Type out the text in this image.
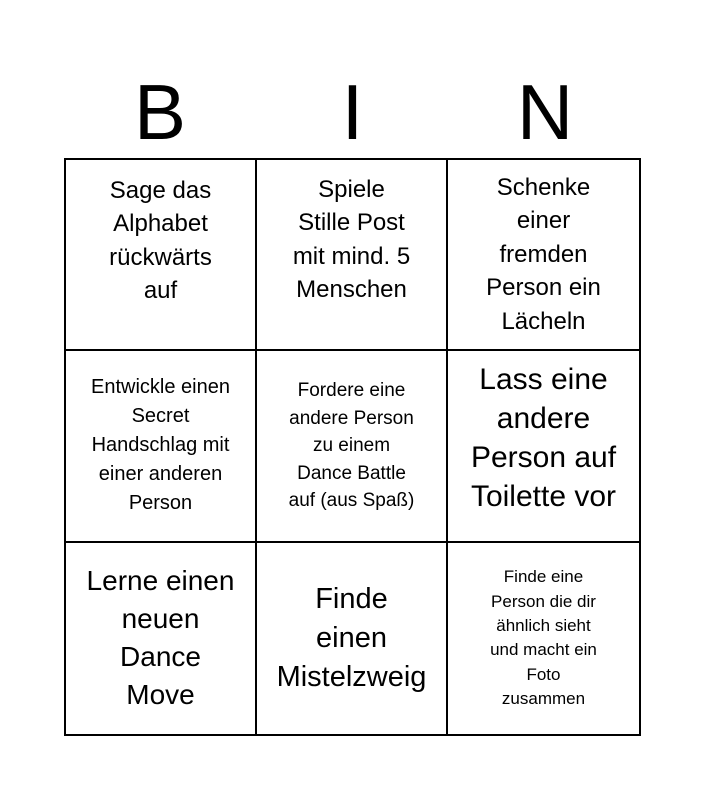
B	I	N
Sage das
Alphabet
rückwärts
auf
Spiele
Stille Post
mit mind. 5
Menschen
Schenke
einer
fremden
Person ein
Lächeln
Entwickle einen
Secret
Handschlag mit
einer anderen
Person
Fordere eine
andere Person
zu einem
Dance Battle
auf (aus Spaß)
Lass eine
andere
Person auf
Toilette vor
Lerne einen
neuen
Dance
Move
Finde
einen
Mistelzweig
Finde eine
Person die dir
ähnlich sieht
und macht ein
Foto
zusammen
